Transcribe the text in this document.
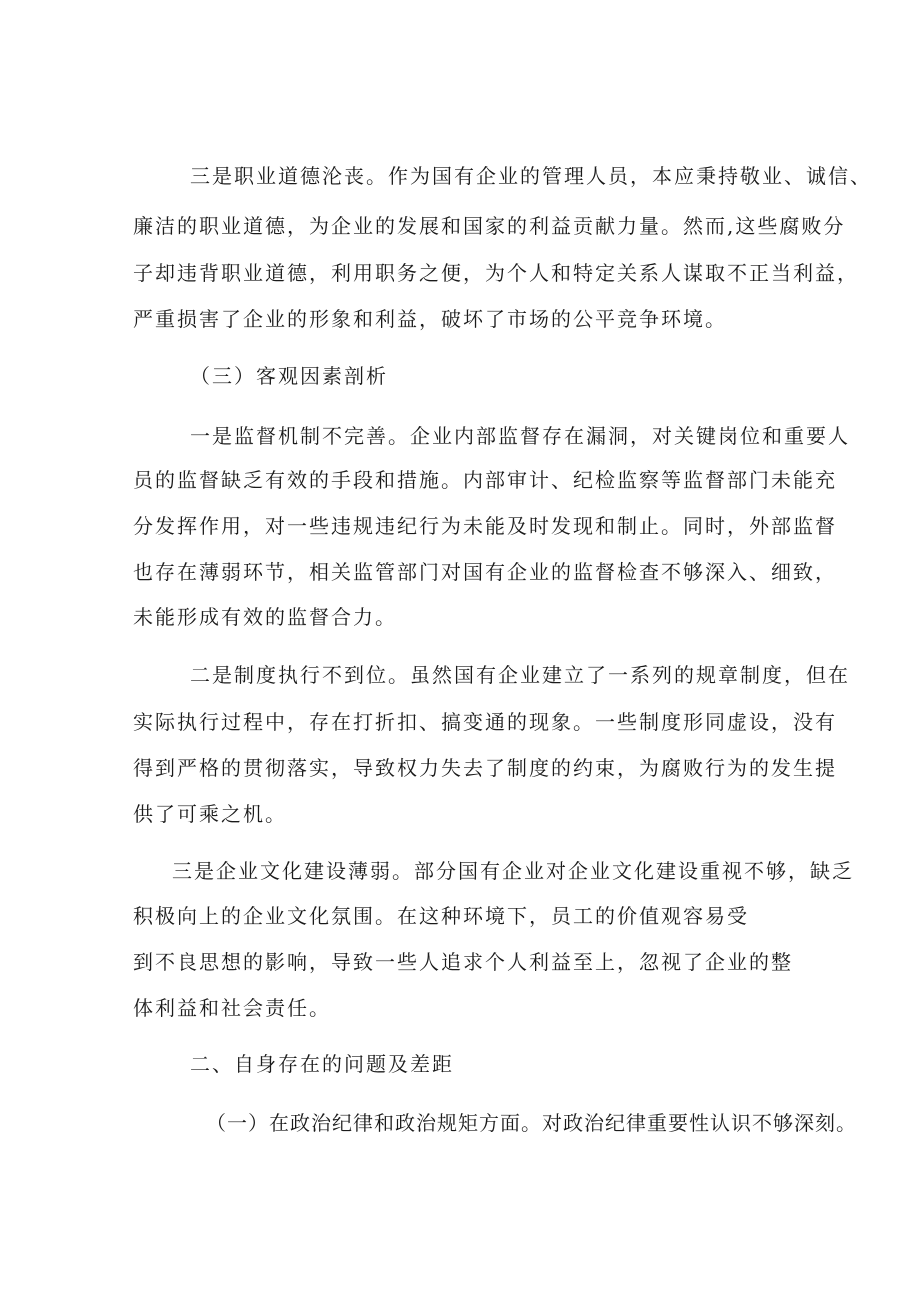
三是职业道德沦丧。作为国有企业的管理人员，本应秉持敬业、诚信、
廉洁的职业道德，为企业的发展和国家的利益贡献力量。然而,这些腐败分
子却违背职业道德，利用职务之便，为个人和特定关系人谋取不正当利益，
严重损害了企业的形象和利益，破坏了市场的公平竞争环境。
（三）客观因素剖析
一是监督机制不完善。企业内部监督存在漏洞，对关键岗位和重要人
员的监督缺乏有效的手段和措施。内部审计、纪检监察等监督部门未能充
分发挥作用，对一些违规违纪行为未能及时发现和制止。同时，外部监督
也存在薄弱环节，相关监管部门对国有企业的监督检查不够深入、细致，
未能形成有效的监督合力。
二是制度执行不到位。虽然国有企业建立了一系列的规章制度，但在
实际执行过程中，存在打折扣、搞变通的现象。一些制度形同虚设，没有
得到严格的贯彻落实，导致权力失去了制度的约束，为腐败行为的发生提
供了可乘之机。
三是企业文化建设薄弱。部分国有企业对企业文化建设重视不够，缺乏
积极向上的企业文化氛围。在这种环境下，员工的价值观容易受
到不良思想的影响，导致一些人追求个人利益至上，忽视了企业的整
体利益和社会责任。
二、自身存在的问题及差距
（一）在政治纪律和政治规矩方面。对政治纪律重要性认识不够深刻。
